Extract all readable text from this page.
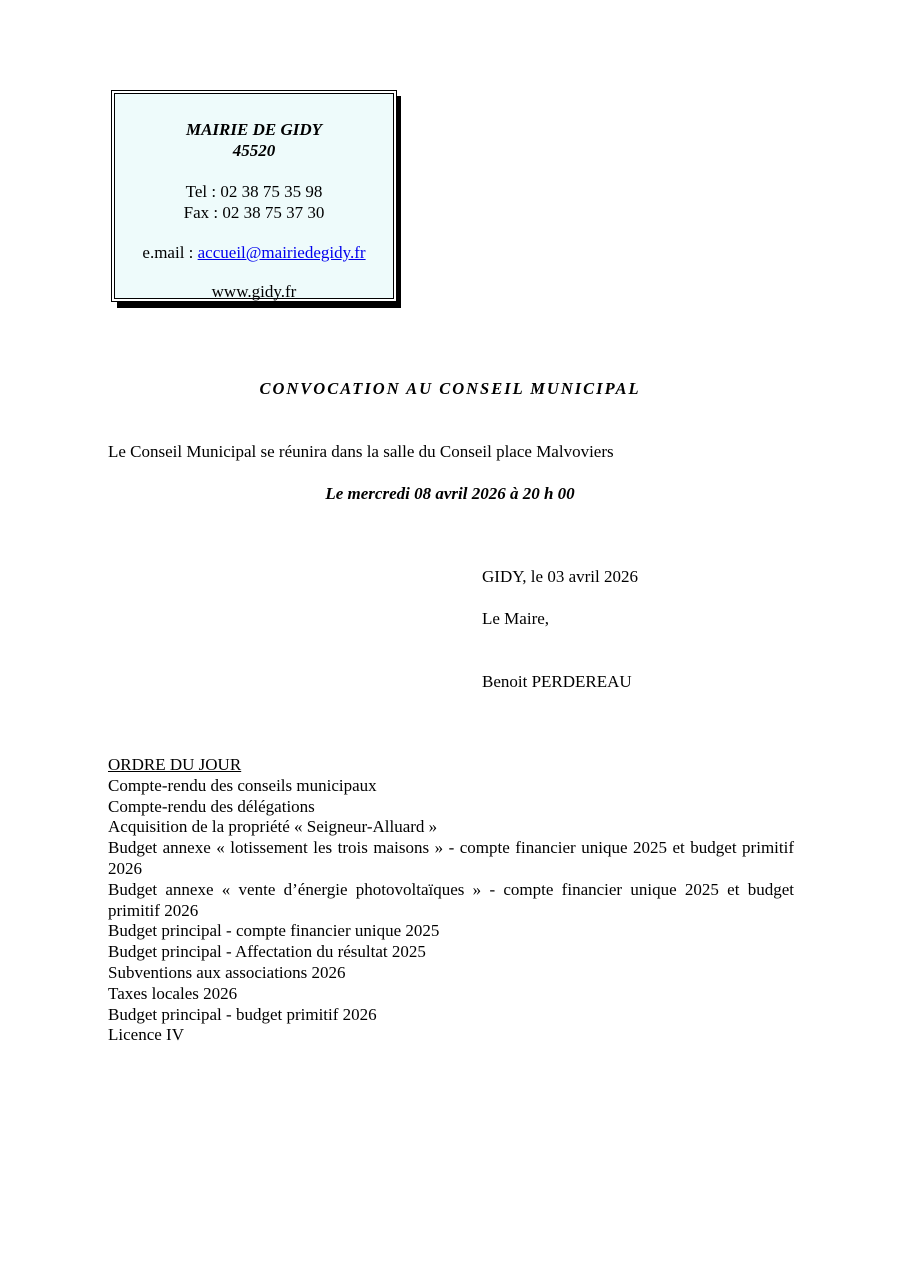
MAIRIE DE GIDY
45520
Tel : 02 38 75 35 98
Fax : 02 38 75 37 30
e.mail : accueil@mairiedegidy.fr
www.gidy.fr
CONVOCATION AU CONSEIL MUNICIPAL
Le Conseil Municipal se réunira dans la salle du Conseil place Malvoviers
Le mercredi 08 avril 2026 à 20 h 00
GIDY, le 03 avril 2026
Le Maire,
Benoit PERDEREAU
ORDRE DU JOUR
Compte-rendu des conseils municipaux
Compte-rendu des délégations
Acquisition de la propriété « Seigneur-Alluard »
Budget annexe « lotissement les trois maisons » - compte financier unique 2025 et budget primitif 2026
Budget annexe « vente d’énergie photovoltaïques » - compte financier unique 2025 et budget primitif 2026
Budget principal - compte financier unique 2025
Budget principal - Affectation du résultat 2025
Subventions aux associations 2026
Taxes locales 2026
Budget principal - budget primitif 2026
Licence IV
